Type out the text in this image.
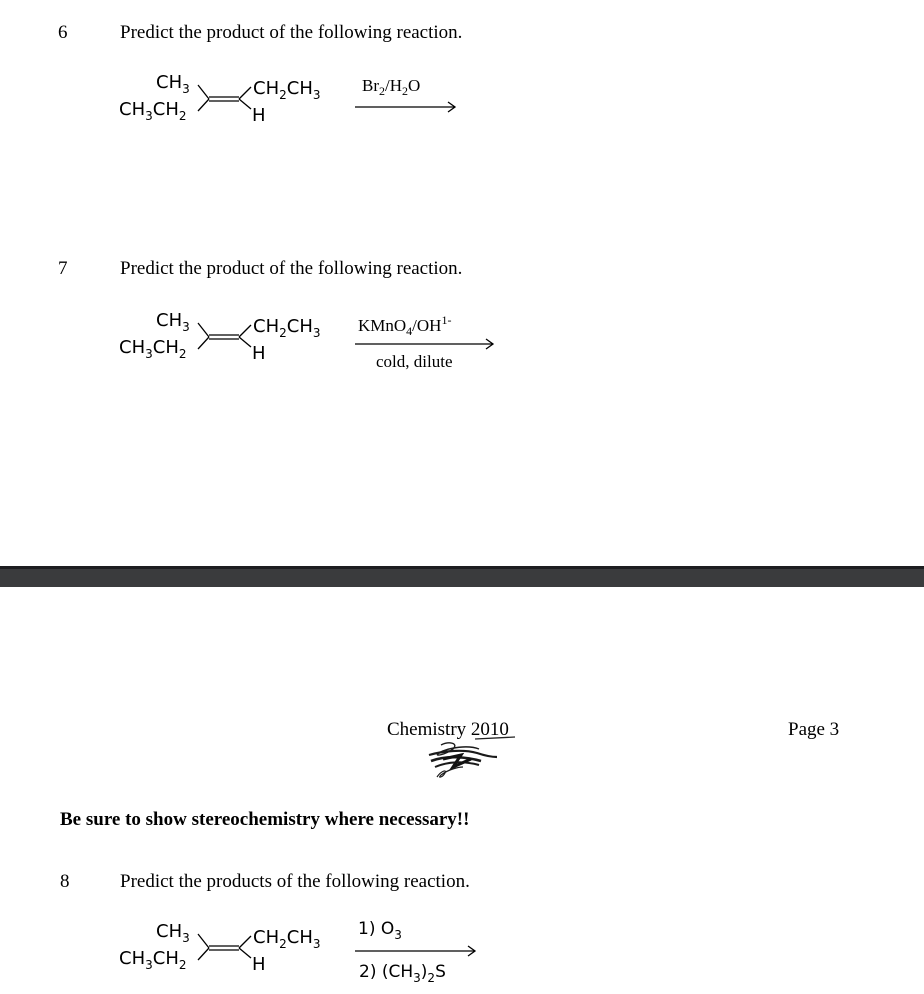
6	Predict the product of the following reaction.
$CH_3$
$CH_3CH_2$
$CH_2CH_3$
H
$Br_2/H_2O$
7	Predict the product of the following reaction.
$CH_3$
$CH_3CH_2$
$CH_2CH_3$
H
$KMnO_4/OH^{1-}$
cold, dilute
Chemistry 2010	Page 3
Be sure to show stereochemistry where necessary!!
8	Predict the products of the following reaction.
$CH_3$
$CH_3CH_2$
$CH_2CH_3$
H
1) $O_3$
2) $(CH_3)_2S$
